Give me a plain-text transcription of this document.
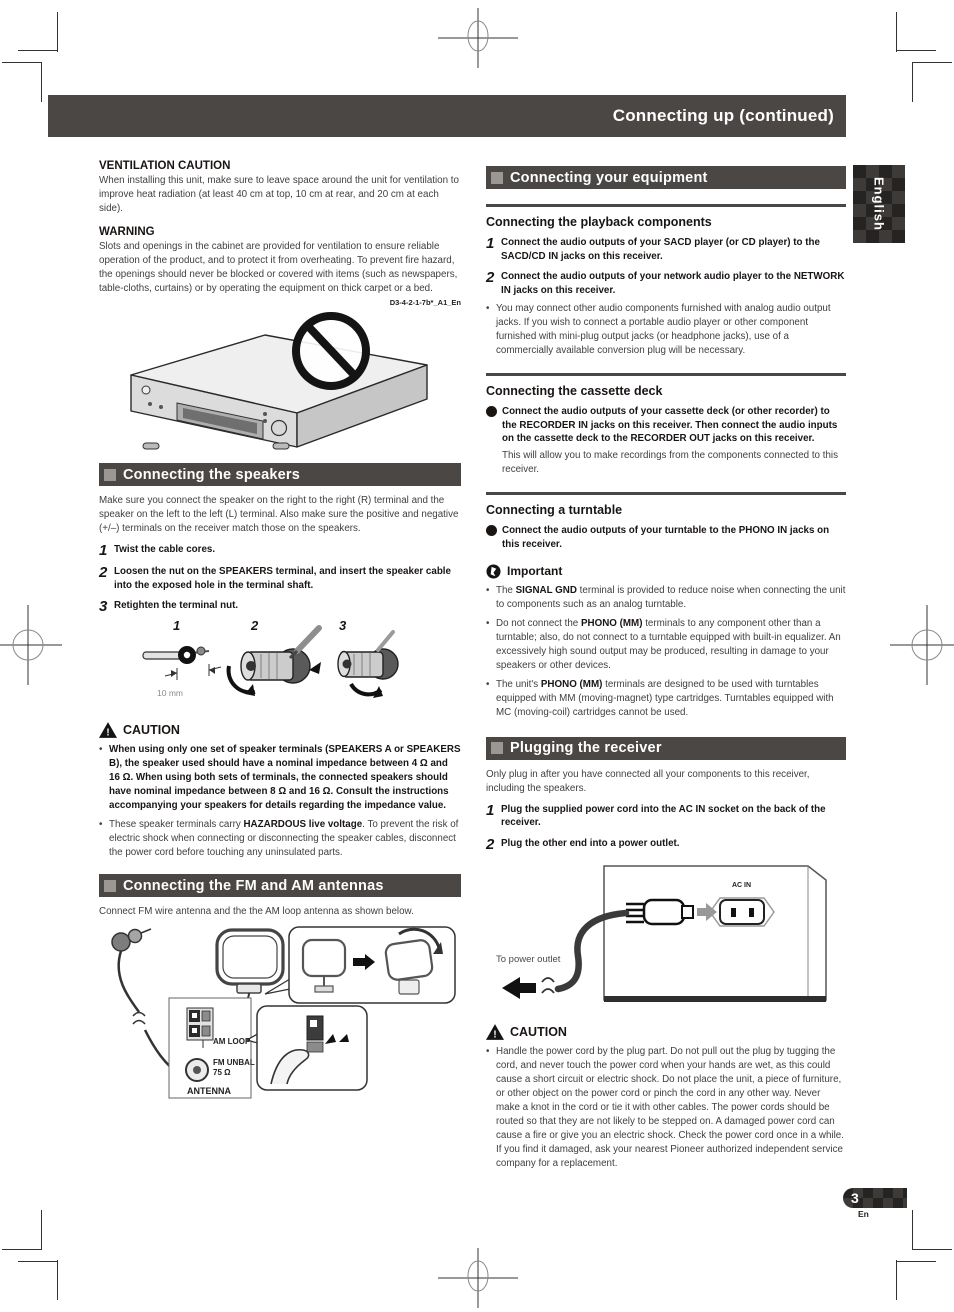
Connecting up (continued)
English
VENTILATION CAUTION

When installing this unit, make sure to leave space around the unit for ventilation to improve heat radiation (at least 40 cm at top, 10 cm at rear, and 20 cm at each side).

WARNING

Slots and openings in the cabinet are provided for ventilation to ensure reliable operation of the product, and to protect it from overheating. To prevent fire hazard, the openings should never be blocked or covered with items (such as newspapers, table-cloths, curtains) or by operating the equipment on thick carpet or a bed.

D3-4-2-1-7b*_A1_En
Connecting the speakers

Make sure you connect the speaker on the right to the right (R) terminal and the speaker on the left to the left (L) terminal. Also make sure the positive and negative (+/–) terminals on the receiver match those on the speakers.

1 Twist the cable cores.
2 Loosen the nut on the SPEAKERS terminal, and insert the speaker cable into the exposed hole in the terminal shaft.
3 Retighten the terminal nut.
1	2	3
10 mm
! CAUTION
• When using only one set of speaker terminals (SPEAKERS A or SPEAKERS B), the speaker used should have a nominal impedance between 4 Ω and 16 Ω. When using both sets of terminals, the connected speakers should have nominal impedance between 8 Ω and 16 Ω. Consult the instructions accompanying your speakers for details regarding the impedance value.
• These speaker terminals carry HAZARDOUS live voltage. To prevent the risk of electric shock when connecting or disconnecting the speaker cables, disconnect the power cord before touching any uninsulated parts.
Connecting the FM and AM antennas

Connect FM wire antenna and the the AM loop antenna as shown below.

AM LOOP
FM UNBAL
75 Ω
ANTENNA
Connecting your equipment
Connecting the playback components
1 Connect the audio outputs of your SACD player (or CD player) to the SACD/CD IN jacks on this receiver.
2 Connect the audio outputs of your network audio player to the NETWORK IN jacks on this receiver.
• You may connect other audio components furnished with analog audio output jacks. If you wish to connect a portable audio player or other component furnished with mini-plug output jacks (or headphone jacks), use of a commercially available conversion plug will be necessary.
Connecting the cassette deck
Connect the audio outputs of your cassette deck (or other recorder) to the RECORDER IN jacks on this receiver. Then connect the audio inputs on the cassette deck to the RECORDER OUT jacks on this receiver.

This will allow you to make recordings from the components connected to this receiver.

Connecting a turntable
Connect the audio outputs of your turntable to the PHONO IN jacks on this receiver.
Important
• The SIGNAL GND terminal is provided to reduce noise when connecting the unit to components such as an analog turntable.
• Do not connect the PHONO (MM) terminals to any component other than a turntable; also, do not connect to a turntable equipped with built-in equalizer. An excessively high sound output may be produced, resulting in damage to your speakers or other devices.
• The unit's PHONO (MM) terminals are designed to be used with turntables equipped with MM (moving-magnet) type cartridges. Turntables equipped with MC (moving-coil) cartridges cannot be used.
Plugging the receiver

Only plug in after you have connected all your components to this receiver, including the speakers.

1 Plug the supplied power cord into the AC IN socket on the back of the receiver.
2 Plug the other end into a power outlet.
AC IN
To power outlet
! CAUTION
• Handle the power cord by the plug part. Do not pull out the plug by tugging the cord, and never touch the power cord when your hands are wet, as this could cause a short circuit or electric shock. Do not place the unit, a piece of furniture, or other object on the power cord or pinch the cord in any other way. Never make a knot in the cord or tie it with other cables. The power cords should be routed so that they are not likely to be stepped on. A damaged power cord can cause a fire or give you an electric shock. Check the power cord once in a while. If you find it damaged, ask your nearest Pioneer authorized independent service company for a replacement.
3
En
